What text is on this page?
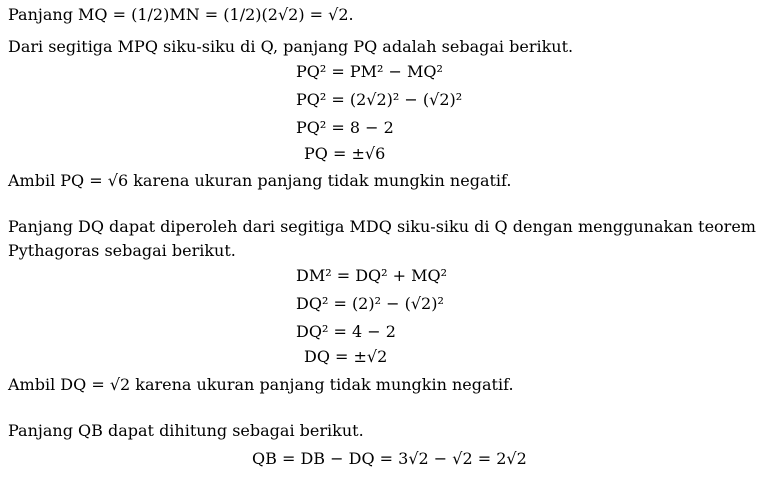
Panjang MQ = (1/2)MN = (1/2)(2√2) = √2.
Dari segitiga MPQ siku-siku di Q, panjang PQ adalah sebagai berikut.
PQ² = PM² − MQ²
PQ² = (2√2)² − (√2)²
PQ² = 8 − 2
PQ = ±√6
Ambil PQ = √6 karena ukuran panjang tidak mungkin negatif.
Panjang DQ dapat diperoleh dari segitiga MDQ siku-siku di Q dengan menggunakan teorem
Pythagoras sebagai berikut.
DM² = DQ² + MQ²
DQ² = (2)² − (√2)²
DQ² = 4 − 2
DQ = ±√2
Ambil DQ = √2 karena ukuran panjang tidak mungkin negatif.
Panjang QB dapat dihitung sebagai berikut.
QB = DB − DQ = 3√2 − √2 = 2√2
